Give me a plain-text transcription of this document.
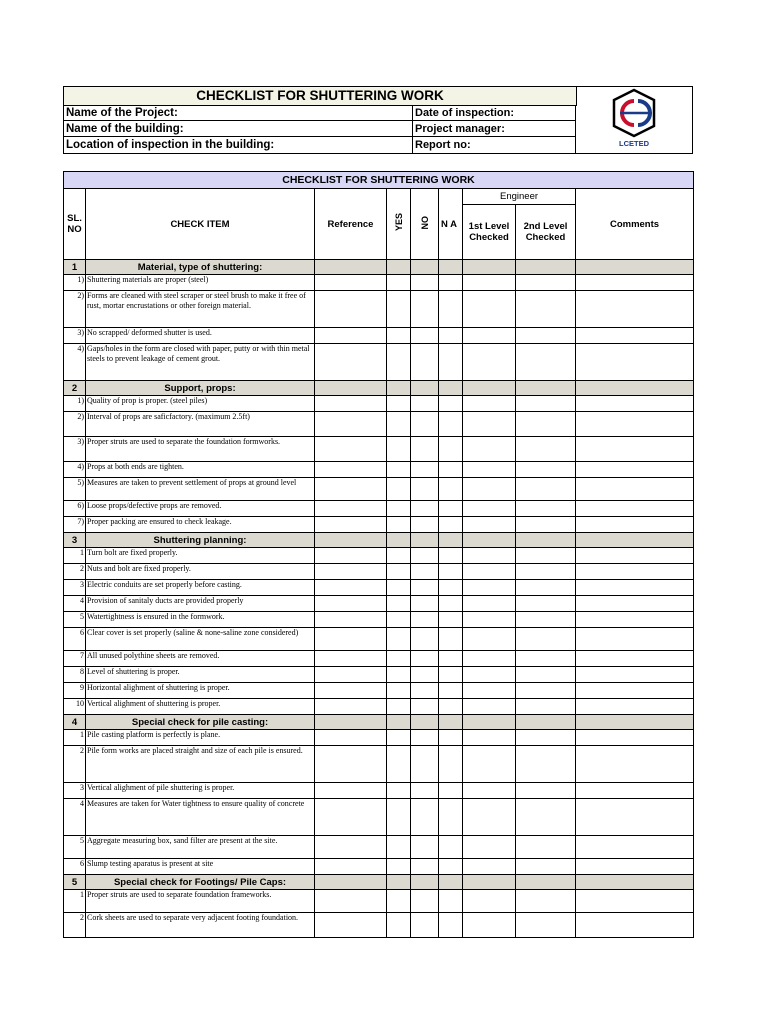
CHECKLIST FOR SHUTTERING WORK
Name of the Project:	Date of inspection:
Name of the building:	Project manager:
Location of inspection in the building:	Report no:	LCETED
CHECKLIST FOR SHUTTERING WORK								
SL. NO	CHECK ITEM	Reference	YES	NO	N A	Engineer		Comments
						1st Level Checked	2nd Level Checked	
1	Material, type of shuttering:							
1)	Shuttering materials are proper (steel)							
2)	Forms are cleaned with steel scraper or steel brush to make it free of rust, mortar encrustations or other foreign material.							
3)	No scrapped/ deformed shutter is used.							
4)	Gaps/holes in the form are closed with paper, putty or with thin metal steels to prevent leakage of cement grout.							
2	Support, props:							
1)	Quality of prop is proper. (steel piles)							
2)	Interval of props are saficfactory. (maximum 2.5ft)							
3)	Proper struts are used to separate the foundation formworks.							
4)	Props at both ends are tighten.							
5)	Measures are taken to prevent settlement of props at ground level							
6)	Loose props/defective props are removed.							
7)	Proper packing are ensured to check leakage.							
3	Shuttering planning:							
1	Turn bolt are fixed properly.							
2	Nuts and bolt are fixed properly.							
3	Electric conduits are set properly before casting.							
4	Provision of sanitaly ducts are provided properly							
5	Watertightness is ensured in the formwork.							
6	Clear cover is set properly (saline & none-saline zone considered)							
7	All unused polythine sheets are removed.							
8	Level of shuttering is proper.							
9	Horizontal alighment of shuttering is proper.							
10	Vertical alighment of shuttering is proper.							
4	Special check for pile casting:							
1	Pile casting platform is perfectly is plane.							
2	Pile form works are placed straight and size of each pile is ensured.							
3	Vertical alighment of pile shuttering is proper.							
4	Measures are taken for Water tightness to ensure quality of concrete							
5	Aggregate measuring box, sand filter are present at the site.							
6	Slump testing aparatus is present at site							
5	Special check for Footings/ Pile Caps:							
1	Proper struts are used to separate foundation frameworks.							
2	Cork sheets are used to separate very adjacent footing foundation.							
